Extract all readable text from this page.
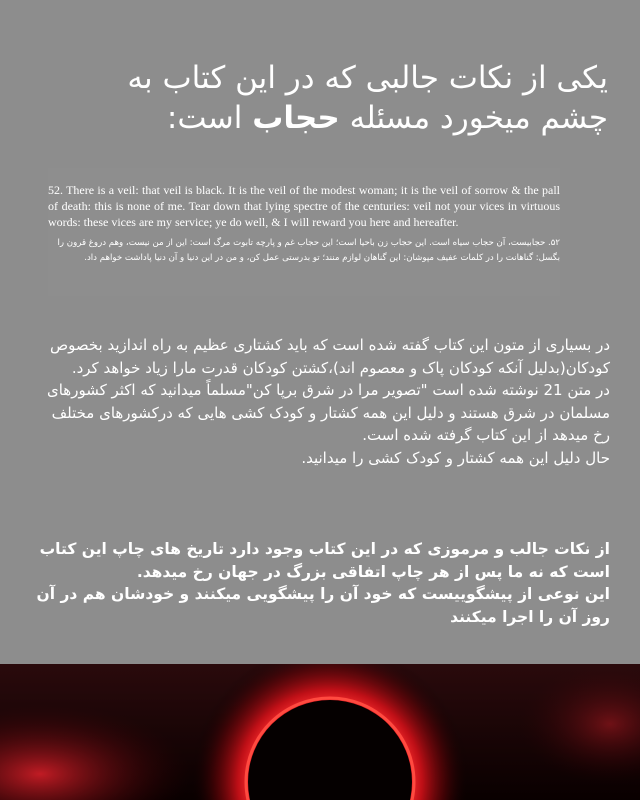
یکی از نکات جالبی که در این کتاب به
چشم میخورد مسئله حجاب است:

52. There is a veil: that veil is black. It is the veil of the modest woman; it is the veil of sorrow & the pall of death: this is none of me. Tear down that lying spectre of the centuries: veil not your vices in virtuous words: these vices are my service; ye do well, & I will reward you here and hereafter.

۵۲. حجابیست، آن حجاب سیاه است. این حجاب زن باحیا است؛ این حجاب غم و پارچه تابوت مرگ است: این از من نیست، وهم دروغ قرون را بگسل: گناهانت را در کلمات عفیف مپوشان: این گناهان لوازم منند؛ تو بدرستی عمل کن، و من در این دنیا و آن دنیا پاداشت خواهم داد.

در بسیاری از متون این کتاب گفته شده است که باید کشتاری عظیم به راه اندازید بخصوص کودکان(بدلیل آنکه کودکان پاک و معصوم اند)،کشتن کودکان قدرت مارا زیاد خواهد کرد.

در متن 21 نوشته شده است "تصویر مرا در شرق برپا کن"مسلماً میدانید که اکثر کشورهای مسلمان در شرق هستند و دلیل این همه کشتار و کودک کشی هایی که درکشورهای مختلف رخ میدهد از این کتاب گرفته شده است.

حال دلیل این همه کشتار و کودک کشی را میدانید.

از نکات جالب و مرموزی که در این کتاب وجود دارد تاریخ های چاپ این کتاب است که نه ما پس از هر چاپ اتفاقی بزرگ در جهان رخ میدهد.
این نوعی از پیشگوییست که خود آن را پیشگویی میکنند و خودشان هم در آن روز آن را اجرا میکنند
